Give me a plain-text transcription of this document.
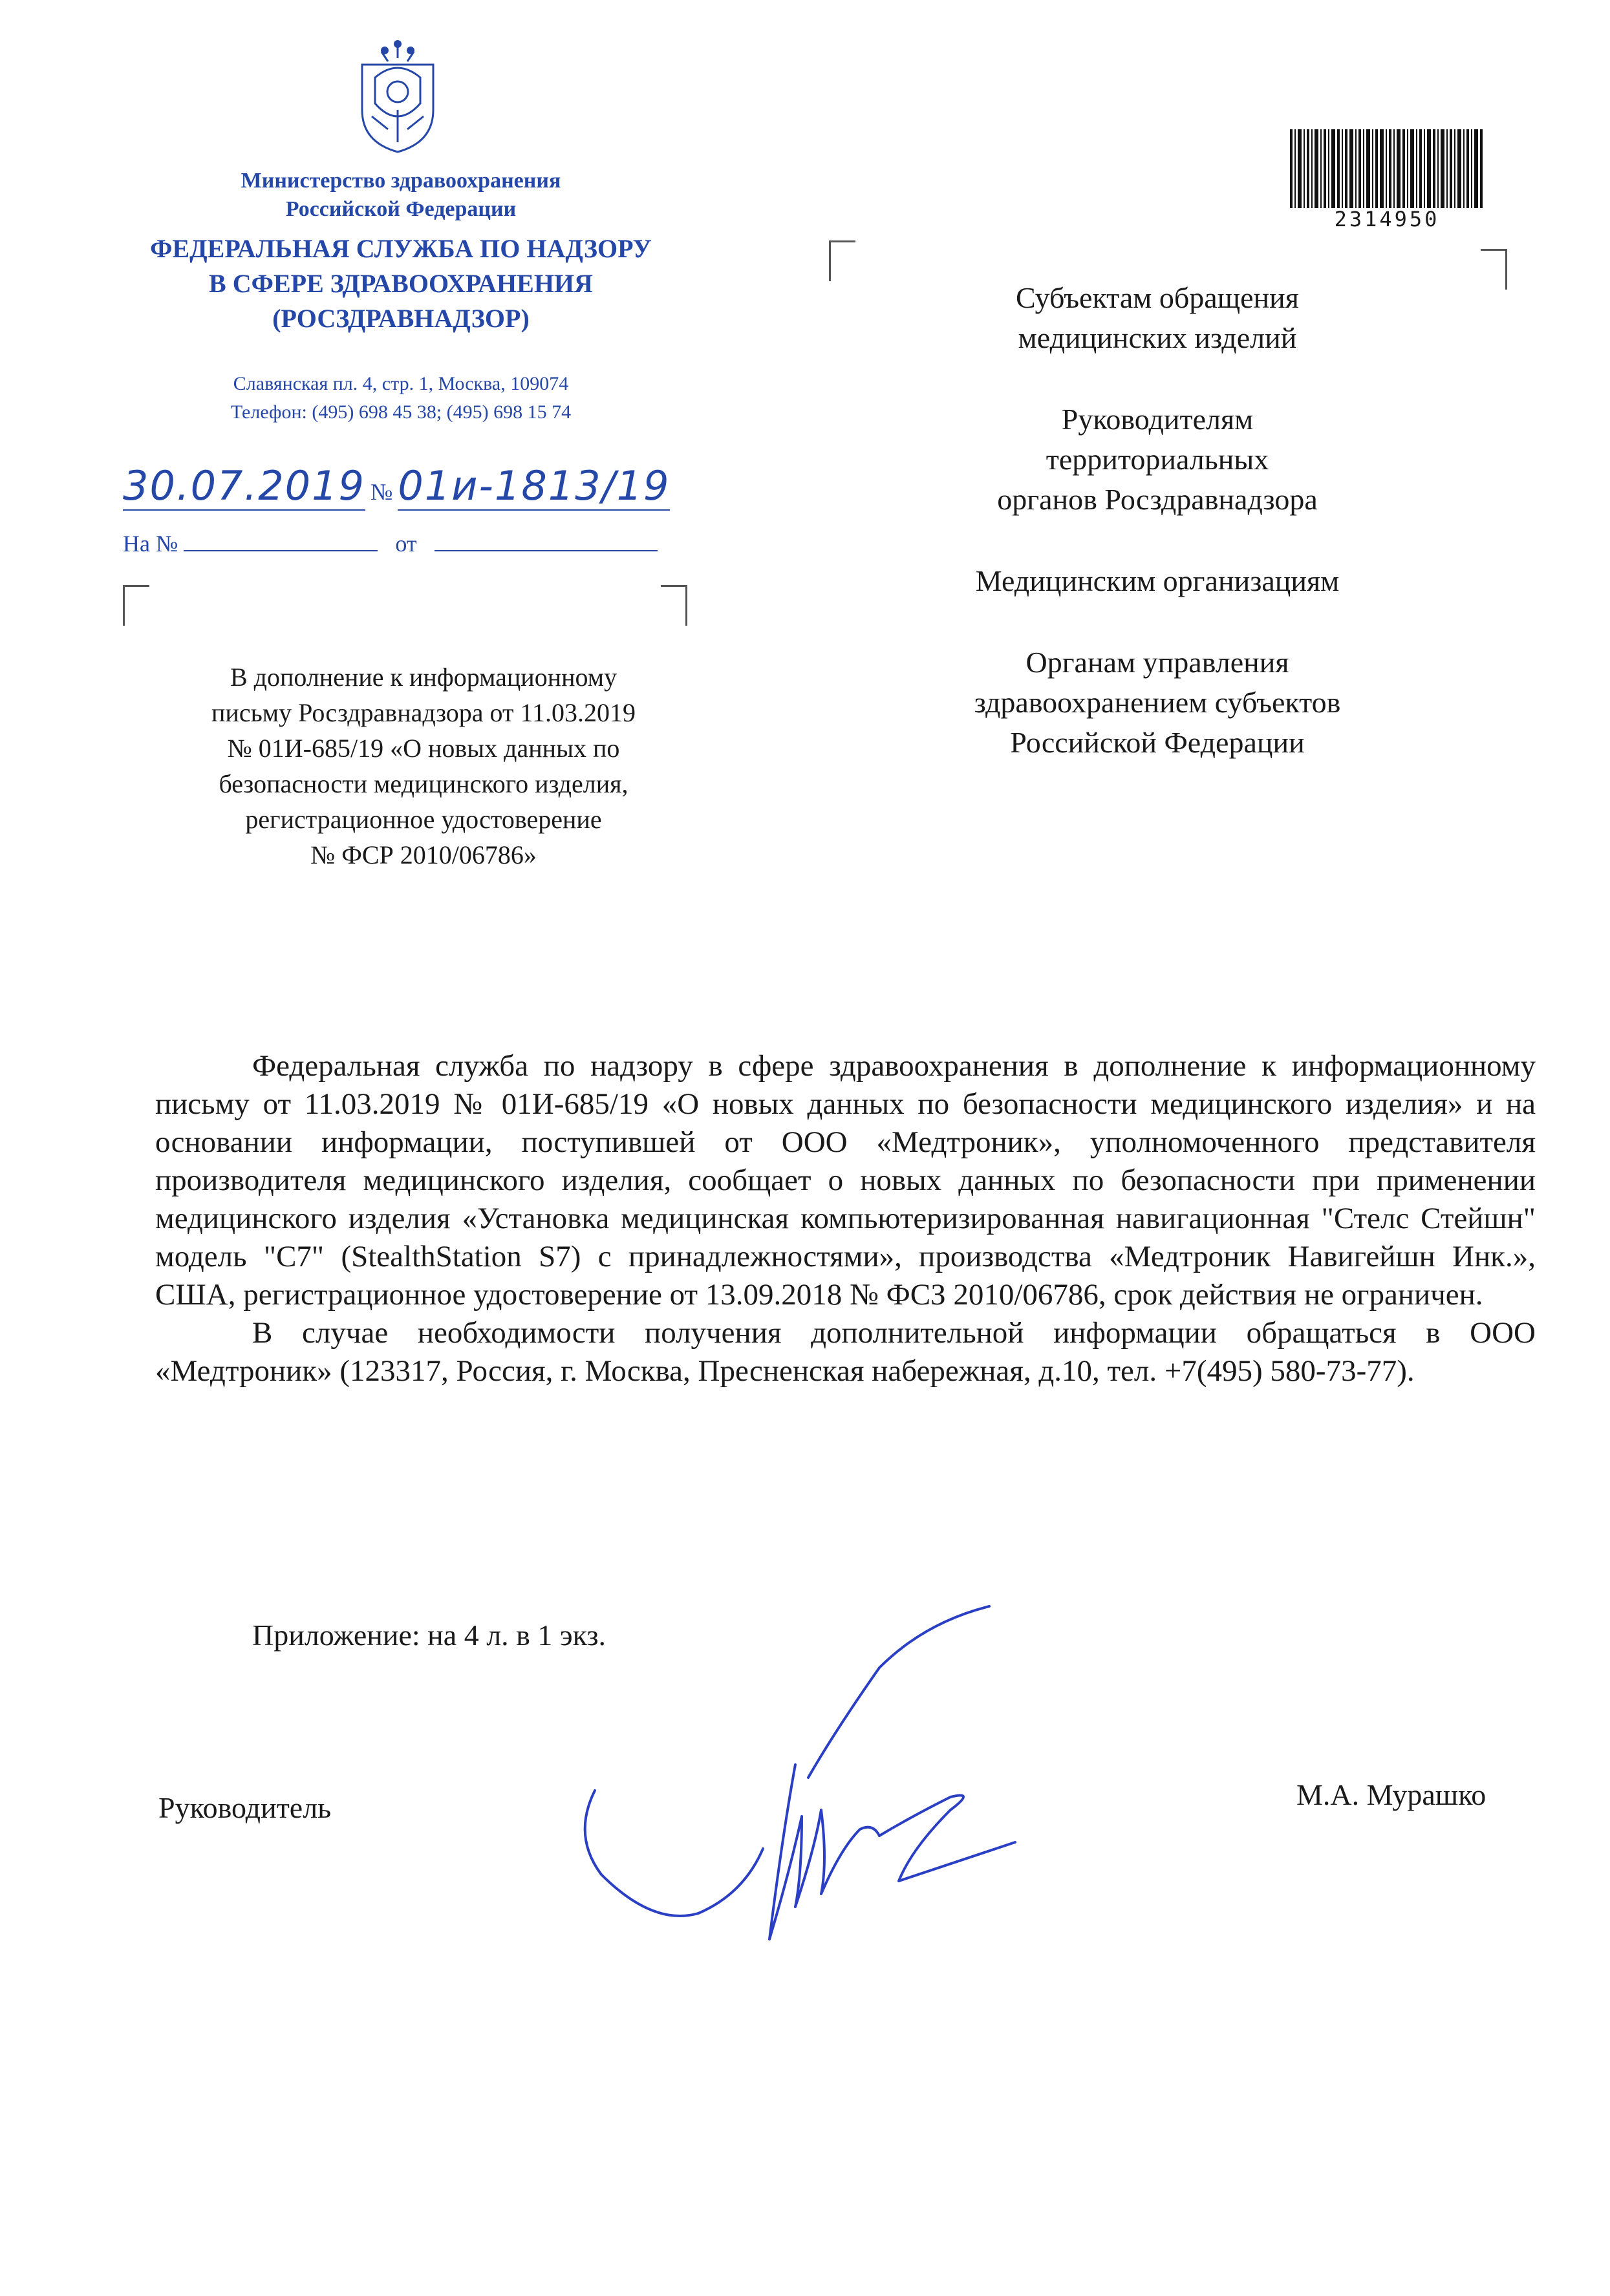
Министерство здравоохранения
Российской Федерации
ФЕДЕРАЛЬНАЯ СЛУЖБА ПО НАДЗОРУ
В СФЕРЕ ЗДРАВООХРАНЕНИЯ
(РОСЗДРАВНАДЗОР)
Славянская пл. 4, стр. 1, Москва, 109074
Телефон: (495) 698 45 38; (495) 698 15 74
30.07.2019 № 01и-1813/19
На №	от
В дополнение к информационному
письму Росздравнадзора от 11.03.2019
№ 01И-685/19 «О новых данных по
безопасности медицинского изделия,
регистрационное удостоверение
№ ФСР 2010/06786»
2314950

Субъектам обращения
медицинских изделий

Руководителям
территориальных
органов Росздравнадзора

Медицинским организациям

Органам управления
здравоохранением субъектов
Российской Федерации

Федеральная служба по надзору в сфере здравоохранения в дополнение к информационному письму от 11.03.2019 № 01И-685/19 «О новых данных по безопасности медицинского изделия» и на основании информации, поступившей от ООО «Медтроник», уполномоченного представителя производителя медицинского изделия, сообщает о новых данных по безопасности при применении медицинского изделия «Установка медицинская компьютеризированная навигационная "Стелс Стейшн" модель "С7" (StealthStation S7) с принадлежностями», производства «Медтроник Навигейшн Инк.», США, регистрационное удостоверение от 13.09.2018 № ФСЗ 2010/06786, срок действия не ограничен.

В случае необходимости получения дополнительной информации обращаться в ООО «Медтроник» (123317, Россия, г. Москва, Пресненская набережная, д.10, тел. +7(495) 580-73-77).

Приложение: на 4 л. в 1 экз.
Руководитель	М.А. Мурашко
